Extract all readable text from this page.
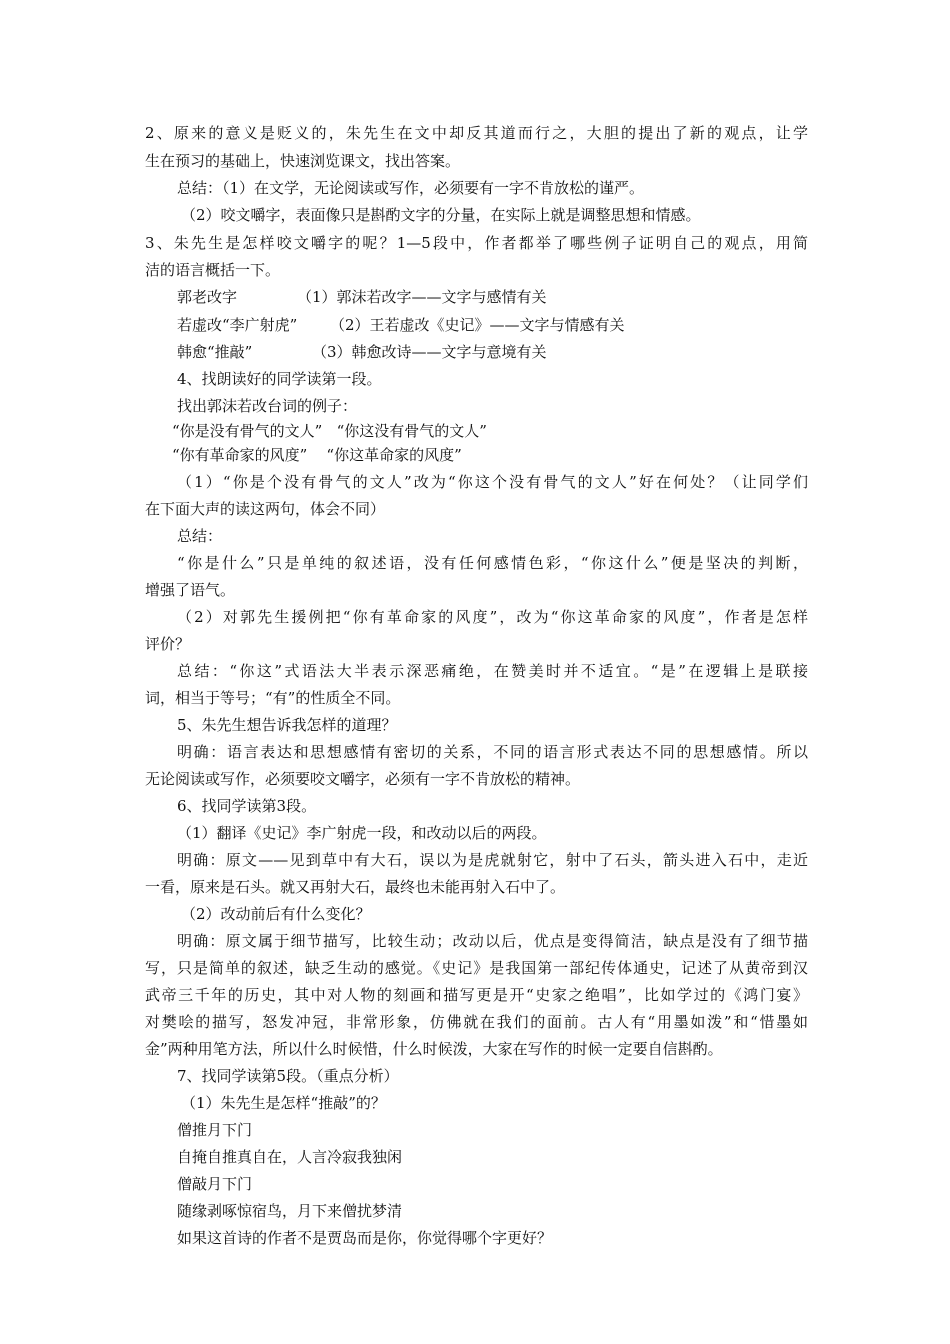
2、原来的意义是贬义的，朱先生在文中却反其道而行之，大胆的提出了新的观点，让学
生在预习的基础上，快速浏览课文，找出答案。
总结：（1）在文学，无论阅读或写作，必须要有一字不肯放松的谨严。
（2）咬文嚼字，表面像只是斟酌文字的分量，在实际上就是调整思想和情感。
3、朱先生是怎样咬文嚼字的呢？1—5段中，作者都举了哪些例子证明自己的观点，用简
洁的语言概括一下。
郭老改字	（1）郭沫若改字——文字与感情有关
若虚改“李广射虎” （2）王若虚改《史记》——文字与情感有关
韩愈“推敲”	（3）韩愈改诗——文字与意境有关
4、找朗读好的同学读第一段。
找出郭沫若改台词的例子：
“你是没有骨气的文人”   “你这没有骨气的文人”
“你有革命家的风度”    “你这革命家的风度”
（1）“你是个没有骨气的文人”改为“你这个没有骨气的文人”好在何处？（让同学们
在下面大声的读这两句，体会不同）
总结：
“你是什么”只是单纯的叙述语，没有任何感情色彩，“你这什么”便是坚决的判断，
增强了语气。
（2）对郭先生援例把“你有革命家的风度”，改为“你这革命家的风度”，作者是怎样
评价？
总结：“你这”式语法大半表示深恶痛绝，在赞美时并不适宜。“是”在逻辑上是联接
词，相当于等号；“有”的性质全不同。
5、朱先生想告诉我怎样的道理？
明确：语言表达和思想感情有密切的关系，不同的语言形式表达不同的思想感情。所以
无论阅读或写作，必须要咬文嚼字，必须有一字不肯放松的精神。
6、找同学读第3段。
（1）翻译《史记》李广射虎一段，和改动以后的两段。
明确：原文——见到草中有大石，误以为是虎就射它，射中了石头，箭头进入石中，走近
一看，原来是石头。就又再射大石，最终也未能再射入石中了。
（2）改动前后有什么变化？
明确：原文属于细节描写，比较生动；改动以后，优点是变得简洁，缺点是没有了细节描
写，只是简单的叙述，缺乏生动的感觉。《史记》是我国第一部纪传体通史，记述了从黄帝到汉
武帝三千年的历史，其中对人物的刻画和描写更是开“史家之绝唱”，比如学过的《鸿门宴》
对樊哙的描写，怒发冲冠，非常形象，仿佛就在我们的面前。古人有“用墨如泼”和“惜墨如
金”两种用笔方法，所以什么时候惜，什么时候泼，大家在写作的时候一定要自信斟酌。
7、找同学读第5段。（重点分析）
（1）朱先生是怎样“推敲”的？
僧推月下门
自掩自推真自在，人言冷寂我独闲
僧敲月下门
随缘剥啄惊宿鸟，月下来僧扰梦清
如果这首诗的作者不是贾岛而是你，你觉得哪个字更好？
